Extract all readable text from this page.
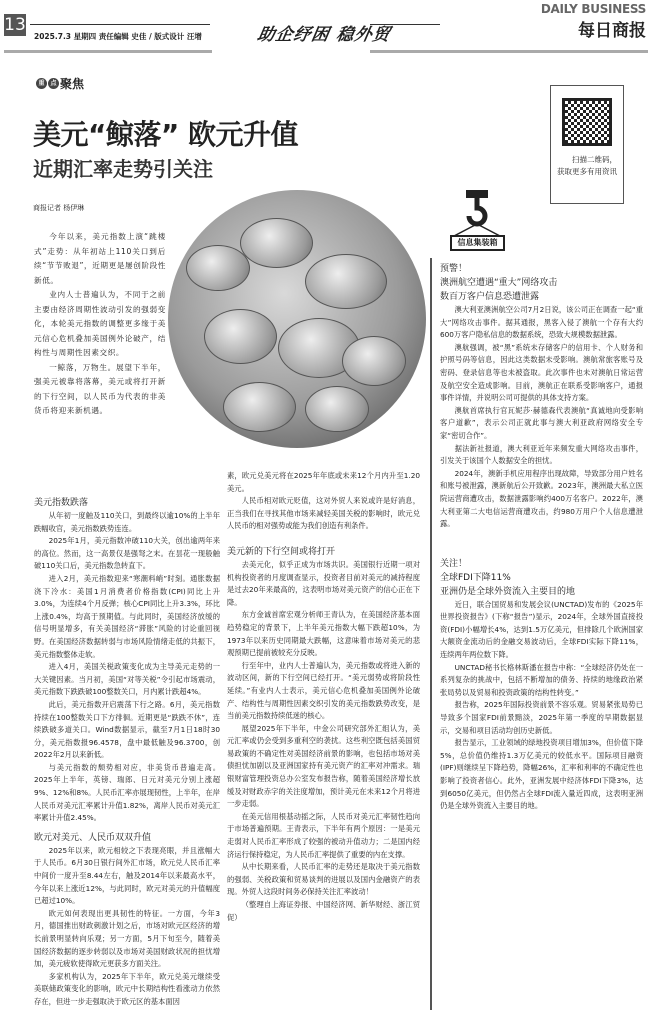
13
2025.7.3 星期四 责任编辑 史佳 / 版式设计 汪增	助企纾困 稳外贸
DAILY BUSINESS
每日商报
重 点 聚焦
美元“鲸落” 欧元升值
近期汇率走势引关注
商报记者 杨伊琳

今年以来，美元指数上演“跳楼式”走势：从年初站上110关口到后续“节节败退”，近期更是屡创阶段性新低。

业内人士普遍认为，不同于之前主要由经济周期性波动引发的强弱变化，本轮美元指数的调整更多缘于美元信心危机叠加美国例外论破产，结构性与周期性因素交织。

一鲸落，万物生。展望下半年，强美元被靠将落幕，美元或将打开新的下行空间，以人民币为代表的非美货币将迎来新机遇。

扫描二维码，获取更多有用资讯
信息集装箱
预警！
澳洲航空遭遇“重大”网络攻击
数百万客户信息恐遭泄露

澳大利亚澳洲航空公司7月2日说，该公司正在调查一起“重大”网络攻击事件。据其通报，黑客入侵了澳航一个存有大约600万客户隐私信息的数据系统，恐致大规模数据泄露。

澳航强调，被“黑”系统未存储客户的信用卡、个人财务和护照号码等信息，因此这类数据未受影响。澳航常旅客账号及密码、登录信息等也未被盗取。此次事件也未对澳航日常运营及航空安全造成影响。目前，澳航正在联系受影响客户，通报事件详情，并说明公司可提供的具体支持方案。

澳航首席执行官瓦妮莎·赫德森代表澳航“真诚地向受影响客户道歉”，表示公司正就此事与澳大利亚政府网络安全专家“密切合作”。

据法新社报道，澳大利亚近年来频发重大网络攻击事件，引发关于该国个人数据安全的担忧。

2024年，澳新手机应用程序出现故障，导致部分用户姓名和账号被泄露，澳新航后公开致歉。2023年，澳洲最大私立医院运营商遭攻击，数据泄露影响约400万名客户。2022年，澳大利亚第二大电信运营商遭攻击，约980万用户个人信息遭泄露。

关注！
全球FDI下降11%
亚洲仍是全球外资流入主要目的地

近日，联合国贸易和发展会议(UNCTAD)发布的《2025年世界投资报告》(下称“报告”)显示，2024年，全球外国直接投资(FDI)小幅增长4%，达到1.5万亿美元，但排除几个欧洲国家大额资金流动后的金融交易波动后，全球FDI实际下降11%，连续两年两位数下降。

UNCTAD秘书长格林斯潘在报告中称：“全球经济仍处在一系列复杂的挑战中，包括不断增加的债务、持续的地缘政治紧张局势以及贸易和投资政策的结构性转变。”

报告称，2025年国际投资前景不容乐观。贸易紧张局势已导致多个国家FDI前景黯淡，2025年第一季度的早期数据显示，交易和项目活动均创历史新低。

报告显示，工业领域的绿地投资项目增加3%，但价值下降5%，总价值仍维持1.3万亿美元的较低水平。国际项目融资(IPF)则继续呈下降趋势，降幅26%，汇率和利率的不确定性也影响了投资者信心。此外，亚洲发展中经济体FDI下降3%，达到6050亿美元，但仍然占全球FDI流入量近四成，这表明亚洲仍是全球外资流入主要目的地。

美元指数跌落

从年初一度触及110关口，到最终以逾10%的上半年跌幅收官，美元指数跌势连连。

2025年1月，美元指数冲破110大关，创出逾两年来的高位。然而，这一高景仅是强弩之末。在昙花一现般触破110关口后，美元指数急转直下。

进入2月，美元指数迎来“寒潮料峭”时刻。通胀数据浇下冷水：美国1月消费者价格指数(CPI)同比上升3.0%，为连续4个月反弹；核心CPI同比上升3.3%，环比上涨0.4%，均高于预期值。与此同时，美国经济放缓的信号明显增多，有关美国经济“滞胀”风险的讨论重回视野。在美国经济数据转弱与市场风险情绪走低的共振下，美元指数整体走软。

进入4月，美国关税政策变化成为主导美元走势的一大关键因素。当月初，美国“对等关税”令引起市场震动，美元指数下跌跌破100整数关口，月内累计跌超4%。

此后，美元指数开启震荡下行之路。6月，美元指数持续在100整数关口下方徘徊。近期更是“跌跌不休”，连续跌破多道关口。Wind数据显示，截至7月1日18时30分，美元指数报96.4578，盘中最低触及96.3700，创2022年2月以来新低。

与美元指数的颓势相对应，非美货币普遍走高。2025年上半年，英镑、瑞郎、日元对美元分别上涨超9%、12%和8%。人民币汇率亦展现韧性，上半年，在岸人民币对美元汇率累计升值1.82%，离岸人民币对美元汇率累计升值2.45%。

欧元对美元、人民币双双升值

2025年以来，欧元相较之下表现亮眼，并且涨幅大于人民币。6月30日银行间外汇市场，欧元兑人民币汇率中间价一度升至8.44左右，触及2014年以来最高水平，今年以来上涨近12%，与此同时，欧元对美元的升值幅度已超过10%。

欧元如何表现出更具韧性的特征。一方面，今年3月，德国推出财政刺激计划之后，市场对欧元区经济的增长前景明显转向乐观；另一方面，5月下旬至今，随着美国经济数据的逐步转弱以及市场对美国财政状况的担忧增加，美元疲软使得欧元更获多方面关注。

多家机构认为，2025年下半年，欧元兑美元继续受美联储政策变化的影响，欧元中长期结构性看涨动力依然存在，但进一步走强取决于欧元区的基本面因

素，欧元兑美元将在2025年年底或未来12个月内升至1.20美元。

人民币相对欧元贬值，这对外贸人来说或许是好消息，正当我们在寻找其他市场来减轻美国关税的影响时，欧元兑人民币的相对强势或能为我们创造有利条件。

美元新的下行空间或将打开

去美元化，似乎正成为市场共识。美国银行近期一项对机构投资者的月度调查显示，投资者目前对美元的减持程度是过去20年来最高的，这表明市场对美元资产的信心正在下降。

东方金诚首席宏观分析师王青认为，在美国经济基本面趋势稳定的背景下，上半年美元指数大幅下跌超10%，为1973年以来历史同期最大跌幅，这意味着市场对美元的悲观预期已提前被较充分反映。

行至年中，业内人士普遍认为，美元指数或将进入新的波动区间，新的下行空间已经打开。“美元弱势或将阶段性延续。”有业内人士表示，美元信心危机叠加美国例外论破产、结构性与周期性因素交织引发的美元指数跌势改变，是当前美元指数持续低迷的核心。

展望2025年下半年，中金公司研究部外汇组认为，美元汇率或仍会受到多重利空的袭扰。这些利空既包括美国贸易政策的不确定性对美国经济前景的影响，也包括市场对美债担忧加剧以及亚洲国家持有美元资产的汇率对冲需求。瑞银财富管理投资总办公室发布报告称，随着美国经济增长放缓及对财政赤字的关注度增加，预计美元在未来12个月将进一步走弱。

在美元信用根基动摇之际，人民币对美元汇率韧性趋向于市场普遍预期。王青表示，下半年有两个原因：一是美元走弱对人民币汇率形成了较强的被动升值动力；二是国内经济运行保持稳定，为人民币汇率提供了重要的内在支撑。

从中长期来看，人民币汇率的走势还是取决于美元指数的强弱、关税政策和贸易谈判的进展以及国内金融资产的表现。外贸人这段时间务必保持关注汇率波动！

（整理自上海证券报、中国经济网、新华财经、浙江贸促）
